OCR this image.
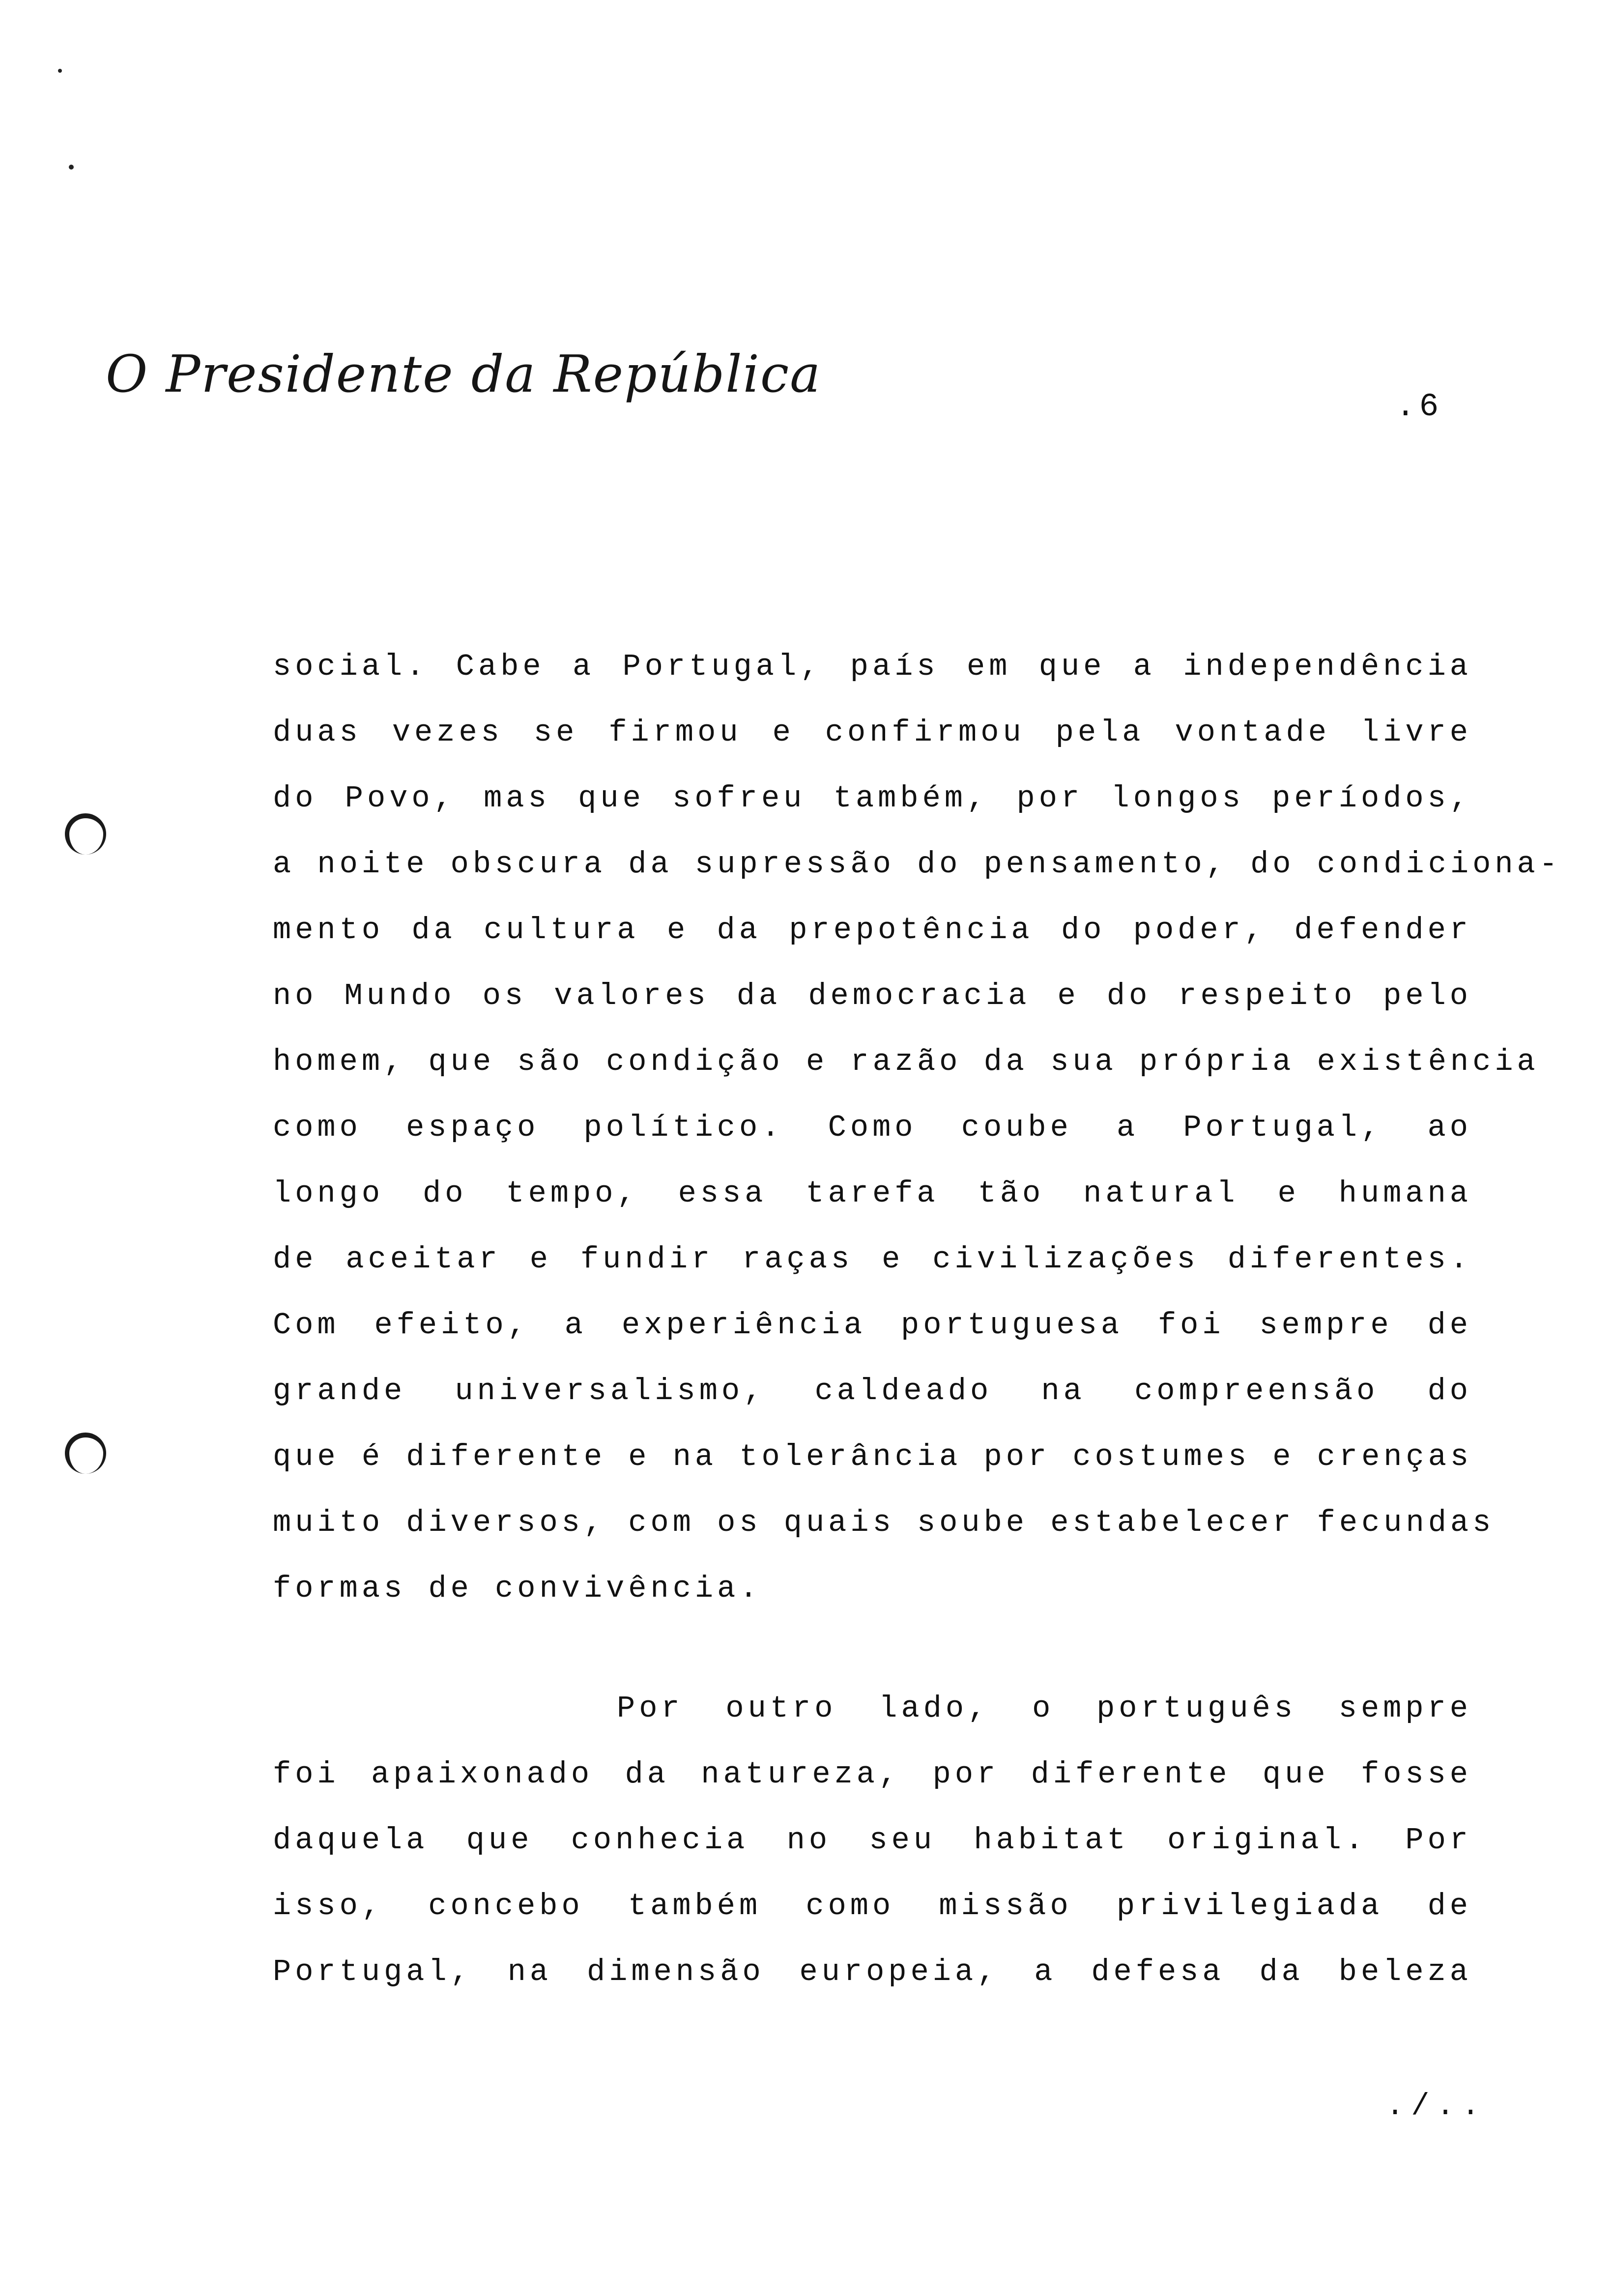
O Presidente da República
.6
social. Cabe a Portugal, país em que a independência
duas vezes se firmou e confirmou pela vontade livre
do Povo, mas que sofreu também, por longos períodos,
a noite obscura da supressão do pensamento, do condiciona-
mento da cultura e da prepotência do poder, defender
no Mundo os valores da democracia e do respeito pelo
homem, que são condição e razão da sua própria existência
como espaço político. Como coube a Portugal, ao
longo do tempo, essa tarefa tão natural e humana
de aceitar e fundir raças e civilizações diferentes.
Com efeito, a experiência portuguesa foi sempre de
grande universalismo, caldeado na compreensão do
que é diferente e na tolerância por costumes e crenças
muito diversos, com os quais soube estabelecer fecundas
formas de convivência.
Por outro lado, o português sempre
foi apaixonado da natureza, por diferente que fosse
daquela que conhecia no seu habitat original. Por
isso, concebo também como missão privilegiada de
Portugal, na dimensão europeia, a defesa da beleza
./..
